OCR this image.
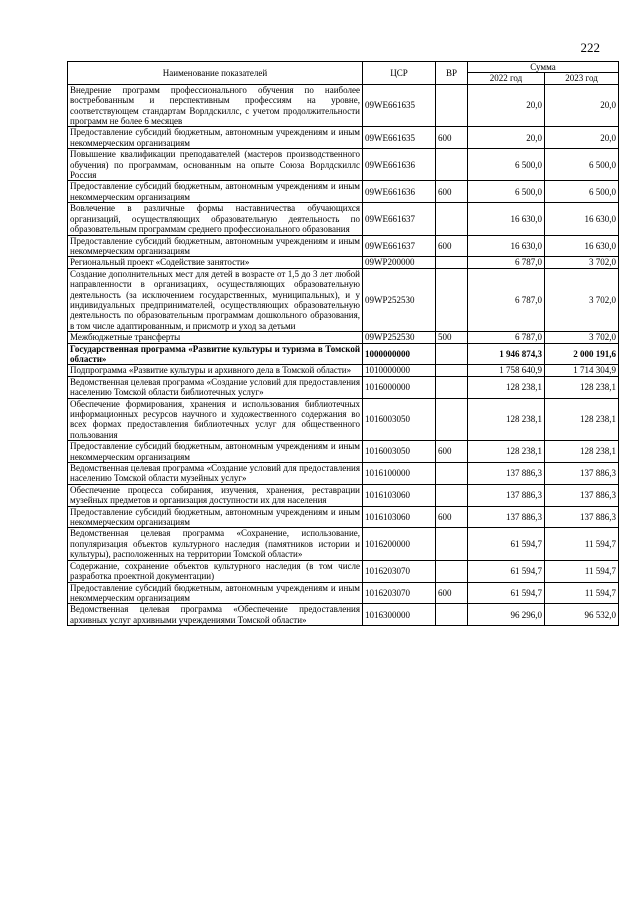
222
Наименование показателей	ЦСР	ВР	Сумма	
			2022 год	2023 год
Внедрение программ профессионального обучения по наиболее востребованным и перспективным профессиям на уровне, соответствующем стандартам Ворлдскиллс, с учетом продолжительности программ не более 6 месяцев	09WE661635		20,0	20,0
Предоставление субсидий бюджетным, автономным учреждениям и иным некоммерческим организациям	09WE661635	600	20,0	20,0
Повышение квалификации преподавателей (мастеров производственного обучения) по программам, основанным на опыте Союза Ворлдскиллс Россия	09WE661636		6 500,0	6 500,0
Предоставление субсидий бюджетным, автономным учреждениям и иным некоммерческим организациям	09WE661636	600	6 500,0	6 500,0
Вовлечение в различные формы наставничества обучающихся организаций, осуществляющих образовательную деятельность по образовательным программам среднего профессионального образования	09WE661637		16 630,0	16 630,0
Предоставление субсидий бюджетным, автономным учреждениям и иным некоммерческим организациям	09WE661637	600	16 630,0	16 630,0
Региональный проект «Содействие занятости»	09WP200000		6 787,0	3 702,0
Создание дополнительных мест для детей в возрасте от 1,5 до 3 лет любой направленности в организациях, осуществляющих образовательную деятельность (за исключением государственных, муниципальных), и у индивидуальных предпринимателей, осуществляющих образовательную деятельность по образовательным программам дошкольного образования, в том числе адаптированным, и присмотр и уход за детьми	09WP252530		6 787,0	3 702,0
Межбюджетные трансферты	09WP252530	500	6 787,0	3 702,0
Государственная программа «Развитие культуры и туризма в Томской области»	1000000000		1 946 874,3	2 000 191,6
Подпрограмма «Развитие культуры и архивного дела в Томской области»	1010000000		1 758 640,9	1 714 304,9
Ведомственная целевая программа «Создание условий для предоставления населению Томской области библиотечных услуг»	1016000000		128 238,1	128 238,1
Обеспечение формирования, хранения и использования библиотечных информационных ресурсов научного и художественного содержания во всех формах предоставления библиотечных услуг для общественного пользования	1016003050		128 238,1	128 238,1
Предоставление субсидий бюджетным, автономным учреждениям и иным некоммерческим организациям	1016003050	600	128 238,1	128 238,1
Ведомственная целевая программа «Создание условий для предоставления населению Томской области музейных услуг»	1016100000		137 886,3	137 886,3
Обеспечение процесса собирания, изучения, хранения, реставрации музейных предметов и организация доступности их для населения	1016103060		137 886,3	137 886,3
Предоставление субсидий бюджетным, автономным учреждениям и иным некоммерческим организациям	1016103060	600	137 886,3	137 886,3
Ведомственная целевая программа «Сохранение, использование, популяризация объектов культурного наследия (памятников истории и культуры), расположенных на территории Томской области»	1016200000		61 594,7	11 594,7
Содержание, сохранение объектов культурного наследия (в том числе разработка проектной документации)	1016203070		61 594,7	11 594,7
Предоставление субсидий бюджетным, автономным учреждениям и иным некоммерческим организациям	1016203070	600	61 594,7	11 594,7
Ведомственная целевая программа «Обеспечение предоставления архивных услуг архивными учреждениями Томской области»	1016300000		96 296,0	96 532,0
